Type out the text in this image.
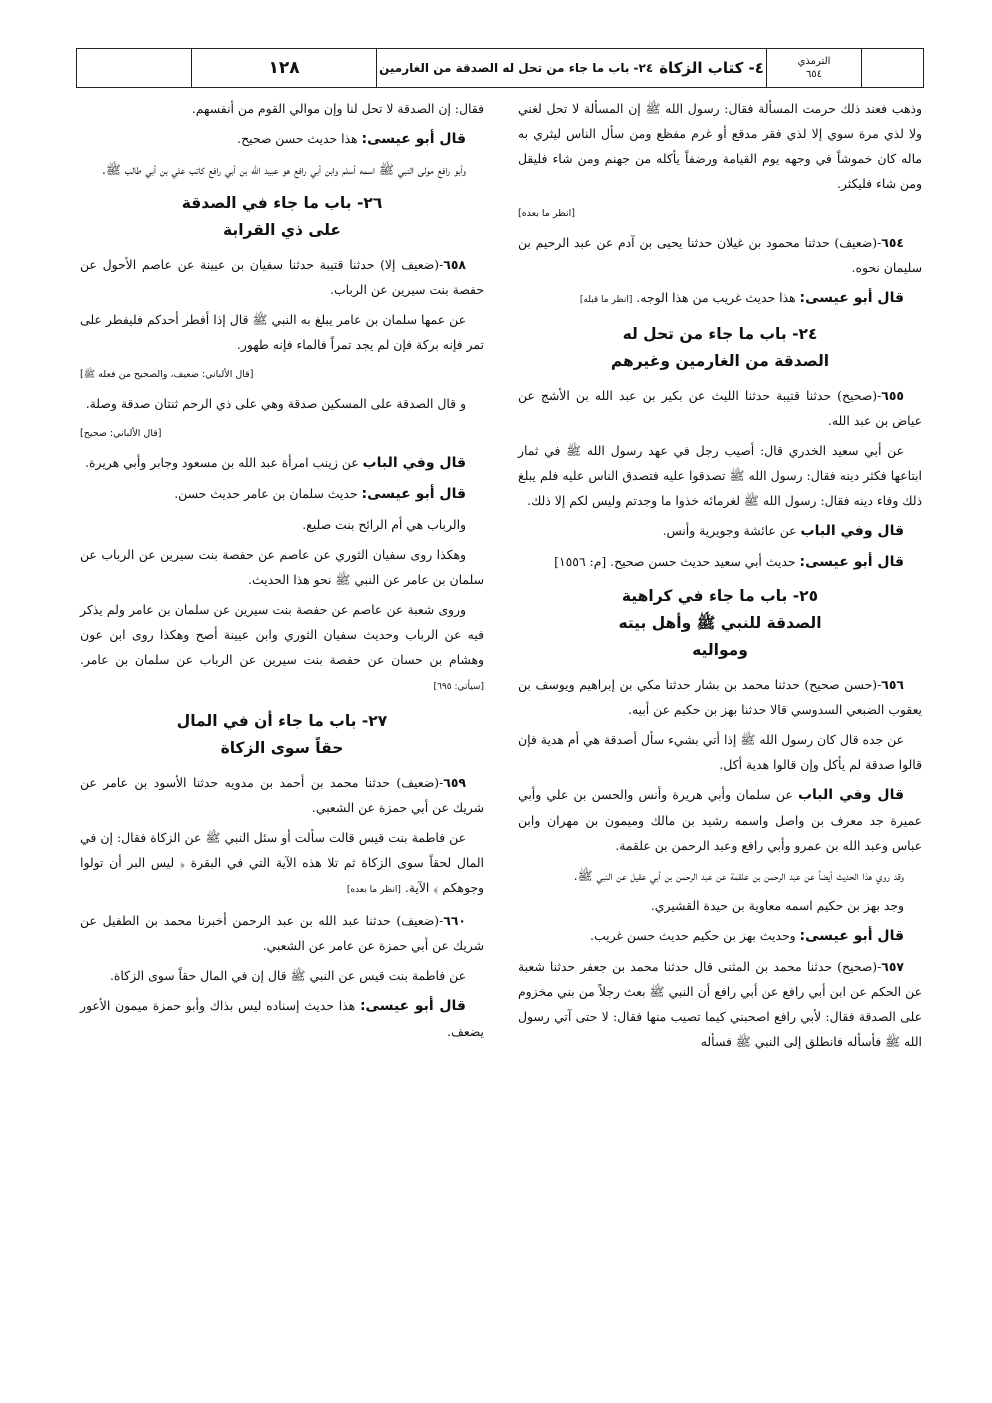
الترمذي
٦٥٤
٤- كتاب الزكاة
٢٤- باب ما جاء من تحل له الصدقة من الغارمين
١٢٨

وذهب فعند ذلك حرمت المسألة فقال: رسول الله ﷺ إن المسألة لا تحل لغني ولا لذي مرة سوي إلا لذي فقر مدقع أو غرم مفظع ومن سأل الناس ليثري به ماله كان خموشاً في وجهه يوم القيامة ورضفاً يأكله من جهنم ومن شاء فليقل ومن شاء فليكثر.

[انظر ما بعده]

٦٥٤-(ضعيف) حدثنا محمود بن غيلان حدثنا يحيى بن آدم عن عبد الرحيم بن سليمان نحوه.

قال أبو عيسى: هذا حديث غريب من هذا الوجه. [انظر ما قبله]

٢٤- باب ما جاء من تحل له
الصدقة من الغارمين وغيرهم

٦٥٥-(صحيح) حدثنا قتيبة حدثنا الليث عن بكير بن عبد الله بن الأشج عن عياض بن عبد الله.

عن أبي سعيد الخدري قال: أصيب رجل في عهد رسول الله ﷺ في ثمار ابتاعها فكثر دينه فقال: رسول الله ﷺ تصدقوا عليه فتصدق الناس عليه فلم يبلغ ذلك وفاء دينه فقال: رسول الله ﷺ لغرمائه خذوا ما وجدتم وليس لكم إلا ذلك.

قال وفي الباب عن عائشة وجويرية وأنس.

قال أبو عيسى: حديث أبي سعيد حديث حسن صحيح. [م: ١٥٥٦]

٢٥- باب ما جاء في كراهية
الصدقة للنبي ﷺ وأهل بيته
ومواليه

٦٥٦-(حسن صحيح) حدثنا محمد بن بشار حدثنا مكي بن إبراهيم ويوسف بن يعقوب الضبعي السدوسي قالا حدثنا بهز بن حكيم عن أبيه.

عن جده قال كان رسول الله ﷺ إذا أتي بشيء سأل أصدقة هي أم هدية فإن قالوا صدقة لم يأكل وإن قالوا هدية أكل.

قال وفي الباب عن سلمان وأبي هريرة وأنس والحسن بن علي وأبي عميرة جد معرف بن واصل واسمه رشيد بن مالك وميمون بن مهران وابن عباس وعبد الله بن عمرو وأبي رافع وعبد الرحمن بن علقمة.

وقد روي هذا الحديث أيضاً عن عبد الرحمن بن علقمة عن عبد الرحمن بن أبي عقيل عن النبي ﷺ.

وجد بهز بن حكيم اسمه معاوية بن حيدة القشيري.

قال أبو عيسى: وحديث بهز بن حكيم حديث حسن غريب.

٦٥٧-(صحيح) حدثنا محمد بن المثنى قال حدثنا محمد بن جعفر حدثنا شعبة عن الحكم عن ابن أبي رافع عن أبي رافع أن النبي ﷺ بعث رجلاً من بني مخزوم على الصدقة فقال: لأبي رافع اصحبني كيما تصيب منها فقال: لا حتى آتي رسول الله ﷺ فأسأله فانطلق إلى النبي ﷺ فسأله

فقال: إن الصدقة لا تحل لنا وإن موالي القوم من أنفسهم.

قال أبو عيسى: هذا حديث حسن صحيح.

وأبو رافع مولى النبي ﷺ اسمه أسلم وابن أبي رافع هو عبيد الله بن أبي رافع كاتب علي بن أبي طالب ﷺ.

٢٦- باب ما جاء في الصدقة
على ذي القرابة

٦٥٨-(ضعيف إلا) حدثنا قتيبة حدثنا سفيان بن عيينة عن عاصم الأحول عن حفصة بنت سيرين عن الرباب.

عن عمها سلمان بن عامر يبلغ به النبي ﷺ قال إذا أفطر أحدكم فليفطر على تمر فإنه بركة فإن لم يجد تمراً فالماء فإنه طهور.

[قال الألباني: ضعيف، والصحيح من فعله ﷺ]

و قال الصدقة على المسكين صدقة وهي على ذي الرحم ثنتان صدقة وصلة.

[قال الألباني: صحيح]

قال وفي الباب عن زينب امرأة عبد الله بن مسعود وجابر وأبي هريرة.

قال أبو عيسى: حديث سلمان بن عامر حديث حسن.

والرباب هي أم الرائح بنت صليع.

وهكذا روى سفيان الثوري عن عاصم عن حفصة بنت سيرين عن الرباب عن سلمان بن عامر عن النبي ﷺ نحو هذا الحديث.

وروى شعبة عن عاصم عن حفصة بنت سيرين عن سلمان بن عامر ولم يذكر فيه عن الرباب وحديث سفيان الثوري وابن عيينة أصح وهكذا روى ابن عون وهشام بن حسان عن حفصة بنت سيرين عن الرباب عن سلمان بن عامر. [سيأتي: ٦٩٥]

٢٧- باب ما جاء أن في المال
حقاً سوى الزكاة

٦٥٩-(ضعيف) حدثنا محمد بن أحمد بن مدويه حدثنا الأسود بن عامر عن شريك عن أبي حمزة عن الشعبي.

عن فاطمة بنت قيس قالت سألت أو سئل النبي ﷺ عن الزكاة فقال: إن في المال لحقاً سوى الزكاة ثم تلا هذه الآية التي في البقرة ﴿ ليس البر أن تولوا وجوهكم ﴾ الآية. [انظر ما بعده]

٦٦٠-(ضعيف) حدثنا عبد الله بن عبد الرحمن أخبرنا محمد بن الطفيل عن شريك عن أبي حمزة عن عامر عن الشعبي.

عن فاطمة بنت قيس عن النبي ﷺ قال إن في المال حقاً سوى الزكاة.

قال أبو عيسى: هذا حديث إسناده ليس بذاك وأبو حمزة ميمون الأعور يضعف.
